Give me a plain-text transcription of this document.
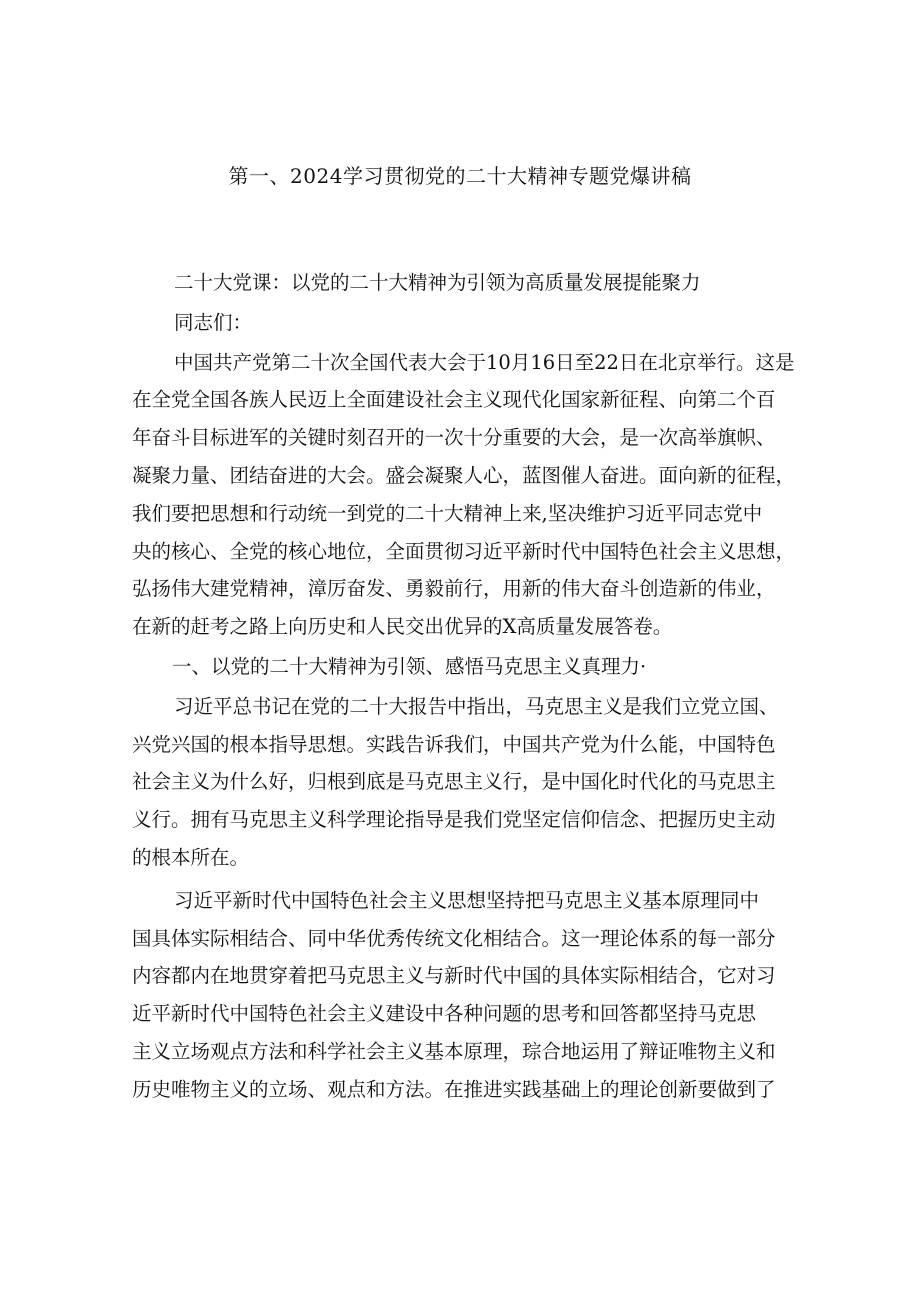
第一、2024学习贯彻党的二十大精神专题党爆讲稿
二十大党课：以党的二十大精神为引领为高质量发展提能聚力
同志们：
中国共产党第二十次全国代表大会于10月16日至22日在北京举行。这是
在全党全国各族人民迈上全面建设社会主义现代化国家新征程、向第二个百
年奋斗目标进军的关键时刻召开的一次十分重要的大会，是一次高举旗帜、
凝聚力量、团结奋进的大会。盛会凝聚人心，蓝图催人奋进。面向新的征程，
我们要把思想和行动统一到党的二十大精神上来,坚决维护习近平同志党中
央的核心、全党的核心地位，全面贯彻习近平新时代中国特色社会主义思想，
弘扬伟大建党精神，漳厉奋发、勇毅前行，用新的伟大奋斗创造新的伟业，
在新的赶考之路上向历史和人民交出优异的X高质量发展答卷。
一、以党的二十大精神为引领、感悟马克思主义真理力·
习近平总书记在党的二十大报告中指出，马克思主义是我们立党立国、
兴党兴国的根本指导思想。实践告诉我们，中国共产党为什么能，中国特色
社会主义为什么好，归根到底是马克思主义行，是中国化时代化的马克思主
义行。拥有马克思主义科学理论指导是我们党坚定信仰信念、把握历史主动
的根本所在。
习近平新时代中国特色社会主义思想坚持把马克思主义基本原理同中
国具体实际相结合、同中华优秀传统文化相结合。这一理论体系的每一部分
内容都内在地贯穿着把马克思主义与新时代中国的具体实际相结合，它对习
近平新时代中国特色社会主义建设中各种问题的思考和回答都坚持马克思
主义立场观点方法和科学社会主义基本原理，琮合地运用了辩证唯物主义和
历史唯物主义的立场、观点和方法。在推进实践基础上的理论创新要做到了
